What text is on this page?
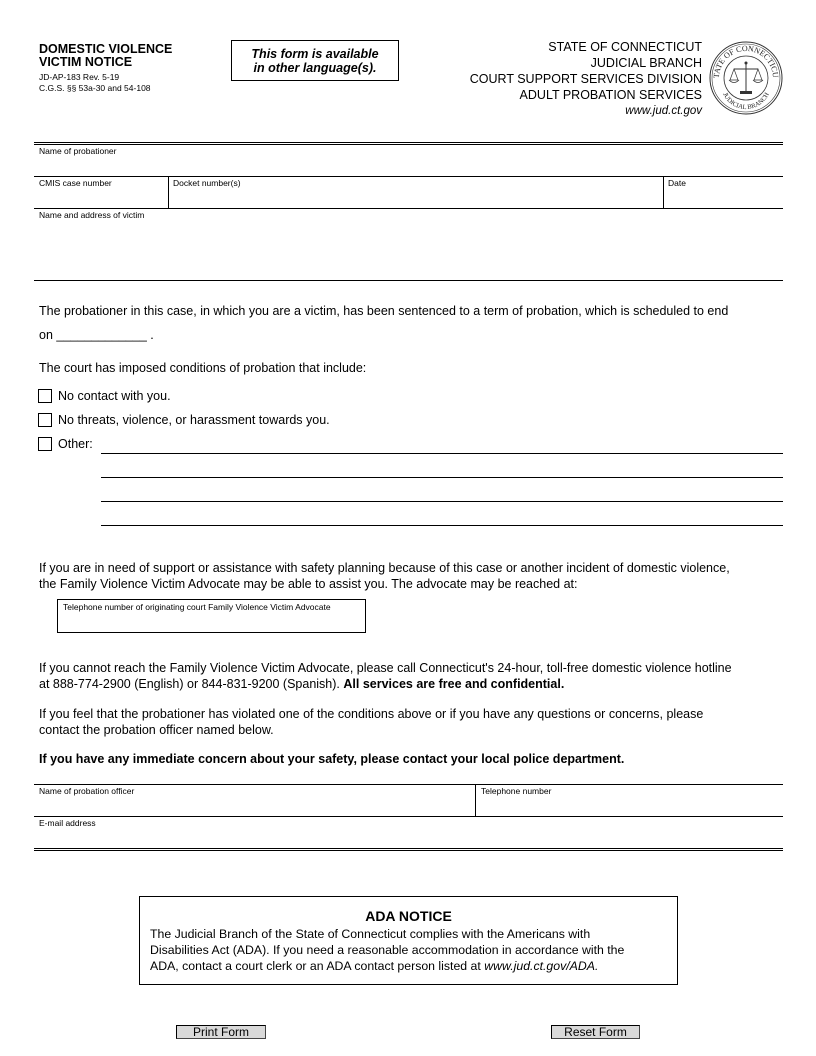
DOMESTIC VIOLENCE
VICTIM NOTICE
JD-AP-183 Rev. 5-19
C.G.S. §§ 53a-30 and 54-108
This form is available
in other language(s).
STATE OF CONNECTICUT
JUDICIAL BRANCH
COURT SUPPORT SERVICES DIVISION
ADULT PROBATION SERVICES
www.jud.ct.gov
TATE OF CONNECTICU
JUDICIAL BRANCH
Name of probationer
CMIS case number	Docket number(s)	Date
Name and address of victim
The probationer in this case, in which you are a victim, has been sentenced to a term of probation, which is scheduled to end
on _____________ .
The court has imposed conditions of probation that include:
No contact with you.
No threats, violence, or harassment towards you.
Other:
If you are in need of support or assistance with safety planning because of this case or another incident of domestic violence,
the Family Violence Victim Advocate may be able to assist you. The advocate may be reached at:
Telephone number of originating court Family Violence Victim Advocate
If you cannot reach the Family Violence Victim Advocate, please call Connecticut's 24-hour, toll-free domestic violence hotline
at 888-774-2900 (English) or 844-831-9200 (Spanish). All services are free and confidential.
If you feel that the probationer has violated one of the conditions above or if you have any questions or concerns, please
contact the probation officer named below.
If you have any immediate concern about your safety, please contact your local police department.
Name of probation officer	Telephone number
E-mail address
ADA NOTICE
The Judicial Branch of the State of Connecticut complies with the Americans with
Disabilities Act (ADA). If you need a reasonable accommodation in accordance with the
ADA, contact a court clerk or an ADA contact person listed at www.jud.ct.gov/ADA.
Print Form	Reset Form
